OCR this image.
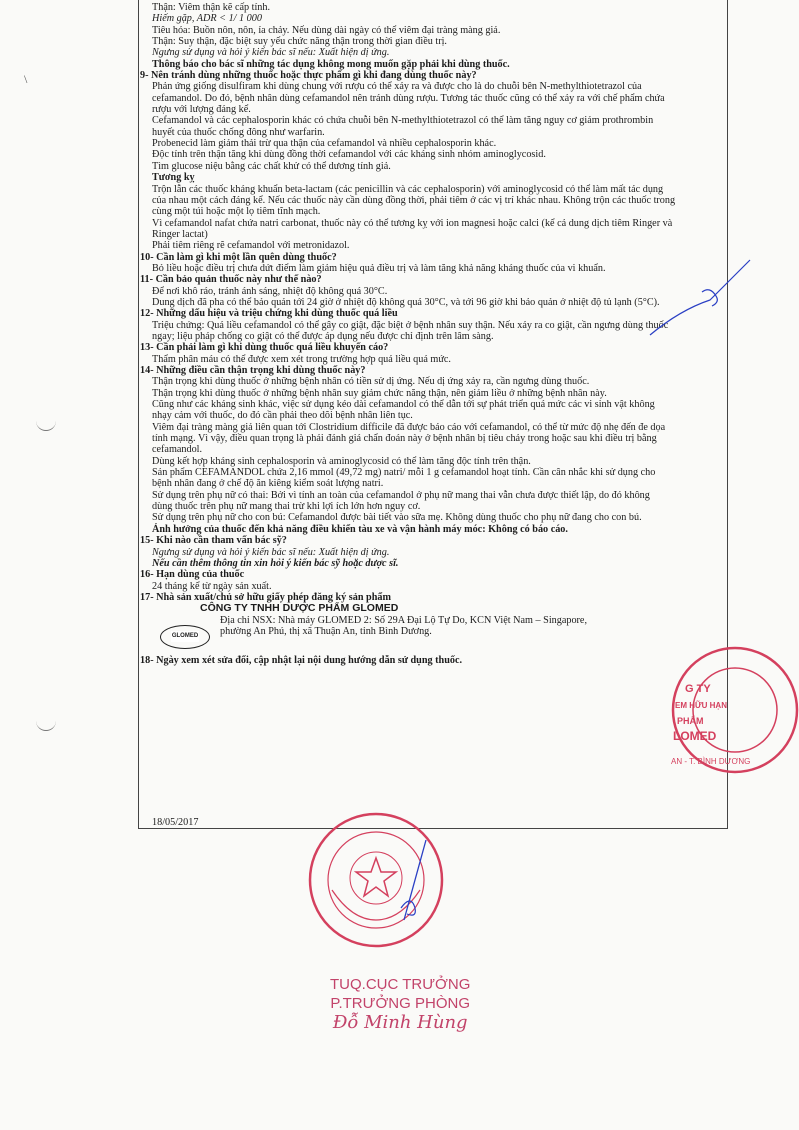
Thận: Viêm thận kẽ cấp tính.

Hiếm gặp, ADR < 1/ 1 000

Tiêu hóa: Buồn nôn, nôn, ỉa chảy. Nếu dùng dài ngày có thể viêm đại tràng màng giả.

Thận: Suy thận, đặc biệt suy yếu chức năng thận trong thời gian điều trị.

Ngưng sử dụng và hỏi ý kiến bác sĩ nếu: Xuất hiện dị ứng.

Thông báo cho bác sĩ những tác dụng không mong muốn gặp phải khi dùng thuốc.

9- Nên tránh dùng những thuốc hoặc thực phẩm gì khi đang dùng thuốc này?

Phản ứng giống disulfiram khi dùng chung với rượu có thể xảy ra và được cho là do chuỗi bên N-methylthiotetrazol của

cefamandol. Do đó, bệnh nhân dùng cefamandol nên tránh dùng rượu. Tương tác thuốc cũng có thể xảy ra với chế phẩm chứa

rượu với lượng đáng kể.

Cefamandol và các cephalosporin khác có chứa chuỗi bên N-methylthiotetrazol có thể làm tăng nguy cơ giảm prothrombin

huyết của thuốc chống đông như warfarin.

Probenecid làm giảm thải trừ qua thận của cefamandol và nhiều cephalosporin khác.

Độc tính trên thận tăng khi dùng đồng thời cefamandol với các kháng sinh nhóm aminoglycosid.

Tìm glucose niệu bằng các chất khử có thể dương tính giả.

Tương kỵ

Trộn lẫn các thuốc kháng khuẩn beta-lactam (các penicillin và các cephalosporin) với aminoglycosid có thể làm mất tác dụng

của nhau một cách đáng kể. Nếu các thuốc này cần dùng đồng thời, phải tiêm ở các vị trí khác nhau. Không trộn các thuốc trong

cùng một túi hoặc một lọ tiêm tĩnh mạch.

Vì cefamandol nafat chứa natri carbonat, thuốc này có thể tương kỵ với ion magnesi hoặc calci (kể cả dung dịch tiêm Ringer và

Ringer lactat)

Phải tiêm riêng rẽ cefamandol với metronidazol.

10- Cần làm gì khi một lần quên dùng thuốc?

Bỏ liều hoặc điều trị chưa dứt điểm làm giảm hiệu quả điều trị và làm tăng khả năng kháng thuốc của vi khuẩn.

11- Cần bảo quản thuốc này như thế nào?

Để nơi khô ráo, tránh ánh sáng, nhiệt độ không quá 30°C.

Dung dịch đã pha có thể bảo quản tới 24 giờ ở nhiệt độ không quá 30°C, và tới 96 giờ khi bảo quản ở nhiệt độ tủ lạnh (5°C).

12- Những dấu hiệu và triệu chứng khi dùng thuốc quá liều

Triệu chứng: Quá liều cefamandol có thể gây co giật, đặc biệt ở bệnh nhân suy thận. Nếu xảy ra co giật, cần ngưng dùng thuốc

ngay; liệu pháp chống co giật có thể được áp dụng nếu được chỉ định trên lâm sàng.

13- Cần phải làm gì khi dùng thuốc quá liều khuyến cáo?

Thẩm phân máu có thể được xem xét trong trường hợp quá liều quá mức.

14- Những điều cần thận trọng khi dùng thuốc này?

Thận trọng khi dùng thuốc ở những bệnh nhân có tiền sử dị ứng. Nếu dị ứng xảy ra, cần ngưng dùng thuốc.

Thận trọng khi dùng thuốc ở những bệnh nhân suy giảm chức năng thận, nên giảm liều ở những bệnh nhân này.

Cũng như các kháng sinh khác, việc sử dụng kéo dài cefamandol có thể dẫn tới sự phát triển quá mức các vi sinh vật không

nhạy cảm với thuốc, do đó cần phải theo dõi bệnh nhân liên tục.

Viêm đại tràng màng giả liên quan tới Clostridium difficile đã được báo cáo với cefamandol, có thể từ mức độ nhẹ đến đe dọa

tính mạng. Vì vậy, điều quan trọng là phải đánh giá chẩn đoán này ở bệnh nhân bị tiêu chảy trong hoặc sau khi điều trị bằng

cefamandol.

Dùng kết hợp kháng sinh cephalosporin và aminoglycosid có thể làm tăng độc tính trên thận.

Sản phẩm CEFAMANDOL chứa 2,16 mmol (49,72 mg) natri/ mỗi 1 g cefamandol hoạt tính. Cần cân nhắc khi sử dụng cho

bệnh nhân đang ở chế độ ăn kiêng kiểm soát lượng natri.

Sử dụng trên phụ nữ có thai: Bởi vì tính an toàn của cefamandol ở phụ nữ mang thai vẫn chưa được thiết lập, do đó không

dùng thuốc trên phụ nữ mang thai trừ khi lợi ích lớn hơn nguy cơ.

Sử dụng trên phụ nữ cho con bú: Cefamandol được bài tiết vào sữa mẹ. Không dùng thuốc cho phụ nữ đang cho con bú.

Ảnh hưởng của thuốc đến khả năng điều khiển tàu xe và vận hành máy móc: Không có báo cáo.

15- Khi nào cần tham vấn bác sỹ?

Ngưng sử dụng và hỏi ý kiến bác sĩ nếu: Xuất hiện dị ứng.

Nếu cần thêm thông tin xin hỏi ý kiến bác sỹ hoặc dược sĩ.

16- Hạn dùng của thuốc

24 tháng kể từ ngày sản xuất.

17- Nhà sản xuất/chủ sở hữu giấy phép đăng ký sản phẩm

CÔNG TY TNHH DƯỢC PHẨM GLOMED

GLOMED

Địa chỉ NSX: Nhà máy GLOMED 2: Số 29A Đại Lộ Tự Do, KCN Việt Nam – Singapore,

phường An Phú, thị xã Thuận An, tỉnh Bình Dương.

18- Ngày xem xét sửa đổi, cập nhật lại nội dung hướng dẫn sử dụng thuốc.

18/05/2017
\
G TY
EM HỮU HẠN
PHẨM
LOMED
AN - T. BÌNH DƯƠNG
TUQ.CỤC TRƯỞNG
P.TRƯỞNG PHÒNG
Đỗ Minh Hùng
